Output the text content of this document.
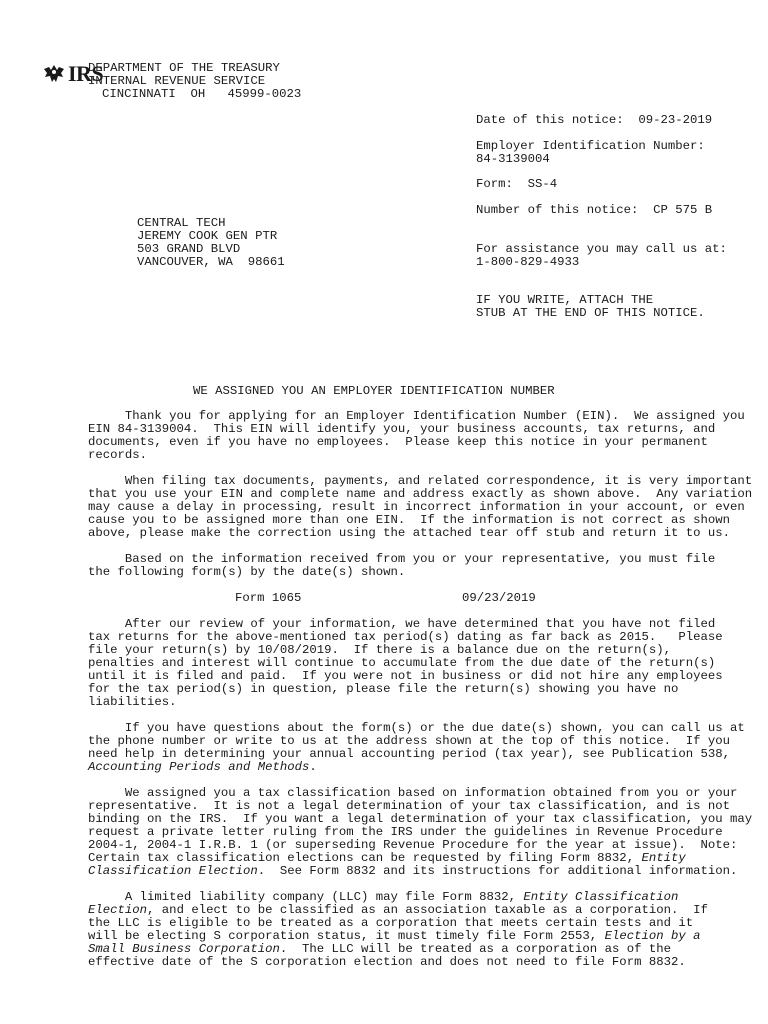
IRS
DEPARTMENT OF THE TREASURY
INTERNAL REVENUE SERVICE
CINCINNATI  OH   45999-0023
Date of this notice:  09-23-2019
Employer Identification Number:
84-3139004
Form:  SS-4
Number of this notice:  CP 575 B
For assistance you may call us at:
1-800-829-4933
IF YOU WRITE, ATTACH THE
STUB AT THE END OF THIS NOTICE.
CENTRAL TECH
JEREMY COOK GEN PTR
503 GRAND BLVD
VANCOUVER, WA  98661
WE ASSIGNED YOU AN EMPLOYER IDENTIFICATION NUMBER
Thank you for applying for an Employer Identification Number (EIN).  We assigned you
EIN 84-3139004.  This EIN will identify you, your business accounts, tax returns, and
documents, even if you have no employees.  Please keep this notice in your permanent
records.
When filing tax documents, payments, and related correspondence, it is very important
that you use your EIN and complete name and address exactly as shown above.  Any variation
may cause a delay in processing, result in incorrect information in your account, or even
cause you to be assigned more than one EIN.  If the information is not correct as shown
above, please make the correction using the attached tear off stub and return it to us.
Based on the information received from you or your representative, you must file
the following form(s) by the date(s) shown.
Form 1065	09/23/2019
After our review of your information, we have determined that you have not filed
tax returns for the above-mentioned tax period(s) dating as far back as 2015.   Please
file your return(s) by 10/08/2019.  If there is a balance due on the return(s),
penalties and interest will continue to accumulate from the due date of the return(s)
until it is filed and paid.  If you were not in business or did not hire any employees
for the tax period(s) in question, please file the return(s) showing you have no
liabilities.
If you have questions about the form(s) or the due date(s) shown, you can call us at
the phone number or write to us at the address shown at the top of this notice.  If you
need help in determining your annual accounting period (tax year), see Publication 538,
Accounting Periods and Methods.
We assigned you a tax classification based on information obtained from you or your
representative.  It is not a legal determination of your tax classification, and is not
binding on the IRS.  If you want a legal determination of your tax classification, you may
request a private letter ruling from the IRS under the guidelines in Revenue Procedure
2004-1, 2004-1 I.R.B. 1 (or superseding Revenue Procedure for the year at issue).  Note:
Certain tax classification elections can be requested by filing Form 8832, Entity
Classification Election.  See Form 8832 and its instructions for additional information.
A limited liability company (LLC) may file Form 8832, Entity Classification
Election, and elect to be classified as an association taxable as a corporation.  If
the LLC is eligible to be treated as a corporation that meets certain tests and it
will be electing S corporation status, it must timely file Form 2553, Election by a
Small Business Corporation.  The LLC will be treated as a corporation as of the
effective date of the S corporation election and does not need to file Form 8832.
